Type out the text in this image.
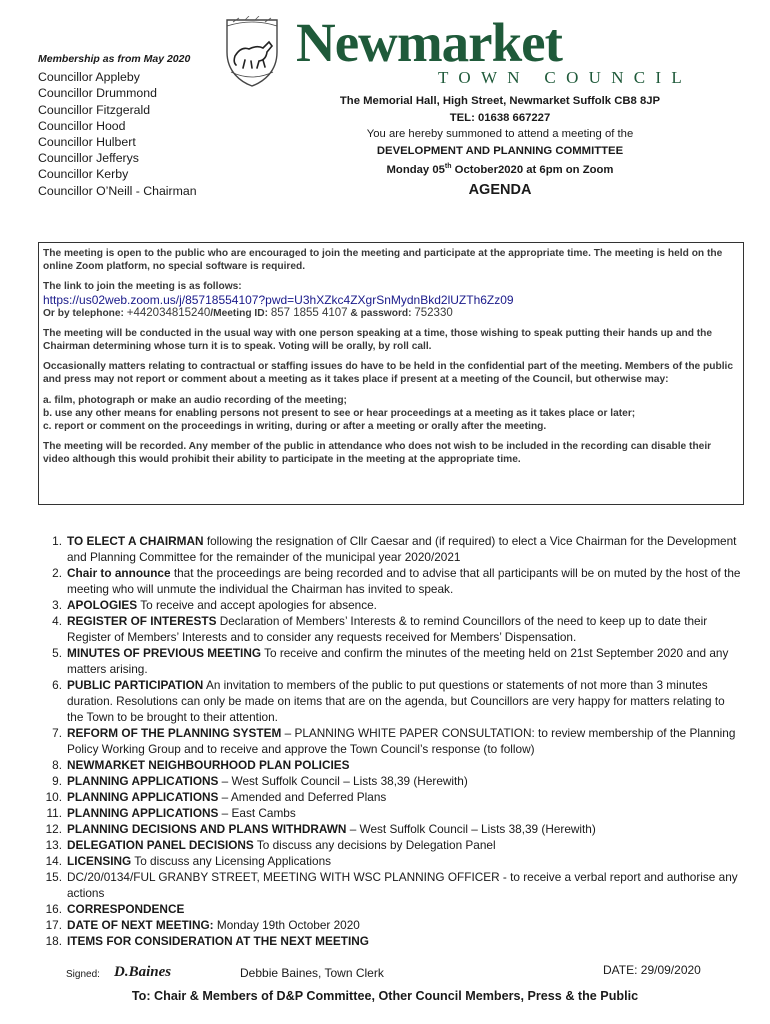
Membership as from May 2020
Councillor Appleby
Councillor Drummond
Councillor Fitzgerald
Councillor Hood
Councillor Hulbert
Councillor Jefferys
Councillor Kerby
Councillor O’Neill - Chairman
Newmarket
TOWN COUNCIL
The Memorial Hall, High Street, Newmarket Suffolk CB8 8JP
TEL: 01638 667227
You are hereby summoned to attend a meeting of the
DEVELOPMENT AND PLANNING COMMITTEE
Monday 05th October2020 at 6pm on Zoom
AGENDA

The meeting is open to the public who are encouraged to join the meeting and participate at the appropriate time. The meeting is held on the online Zoom platform, no special software is required.

The link to join the meeting is as follows:
https://us02web.zoom.us/j/85718554107?pwd=U3hXZkc4ZXgrSnMydnBkd2lUZTh6Zz09

Or by telephone: +442034815240/Meeting ID: 857 1855 4107 & password: 752330

The meeting will be conducted in the usual way with one person speaking at a time, those wishing to speak putting their hands up and the Chairman determining whose turn it is to speak. Voting will be orally, by roll call.

Occasionally matters relating to contractual or staffing issues do have to be held in the confidential part of the meeting. Members of the public and press may not report or comment about a meeting as it takes place if present at a meeting of the Council, but otherwise may:

a. film, photograph or make an audio recording of the meeting;
b. use any other means for enabling persons not present to see or hear proceedings at a meeting as it takes place or later;

c. report or comment on the proceedings in writing, during or after a meeting or orally after the meeting.

The meeting will be recorded. Any member of the public in attendance who does not wish to be included in the recording can disable their video although this would prohibit their ability to participate in the meeting at the appropriate time.

1. TO ELECT A CHAIRMAN following the resignation of Cllr Caesar and (if required) to elect a Vice Chairman for the Development and Planning Committee for the remainder of the municipal year 2020/2021
2. Chair to announce that the proceedings are being recorded and to advise that all participants will be on muted by the host of the meeting who will unmute the individual the Chairman has invited to speak.
3. APOLOGIES To receive and accept apologies for absence.
4. REGISTER OF INTERESTS Declaration of Members’ Interests & to remind Councillors of the need to keep up to date their Register of Members’ Interests and to consider any requests received for Members’ Dispensation.
5. MINUTES OF PREVIOUS MEETING To receive and confirm the minutes of the meeting held on 21st September 2020 and any matters arising.
6. PUBLIC PARTICIPATION An invitation to members of the public to put questions or statements of not more than 3 minutes duration. Resolutions can only be made on items that are on the agenda, but Councillors are very happy for matters relating to the Town to be brought to their attention.
7. REFORM OF THE PLANNING SYSTEM – PLANNING WHITE PAPER CONSULTATION: to review membership of the Planning Policy Working Group and to receive and approve the Town Council’s response (to follow)
8. NEWMARKET NEIGHBOURHOOD PLAN POLICIES
9. PLANNING APPLICATIONS – West Suffolk Council – Lists 38,39 (Herewith)
10. PLANNING APPLICATIONS – Amended and Deferred Plans
11. PLANNING APPLICATIONS – East Cambs
12. PLANNING DECISIONS AND PLANS WITHDRAWN – West Suffolk Council – Lists 38,39 (Herewith)
13. DELEGATION PANEL DECISIONS To discuss any decisions by Delegation Panel
14. LICENSING To discuss any Licensing Applications
15. DC/20/0134/FUL GRANBY STREET, MEETING WITH WSC PLANNING OFFICER - to receive a verbal report and authorise any actions
16. CORRESPONDENCE
17. DATE OF NEXT MEETING: Monday 19th October 2020
18. ITEMS FOR CONSIDERATION AT THE NEXT MEETING
Signed: D.Baines	Debbie Baines, Town Clerk	DATE: 29/09/2020
To: Chair & Members of D&P Committee, Other Council Members, Press & the Public
